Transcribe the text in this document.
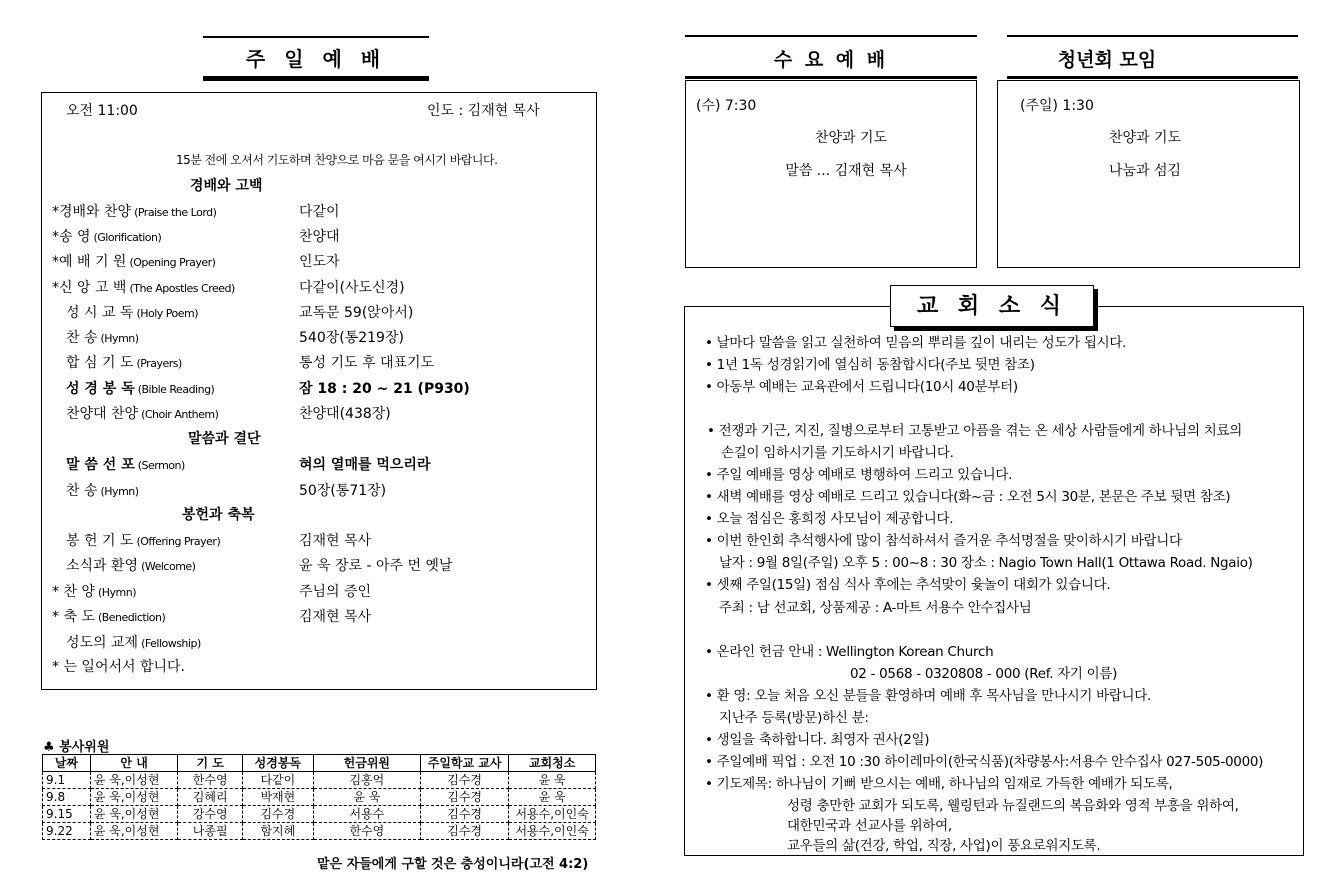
주 일 예 배
오전 11:00	인도 : 김재현 목사
15분 전에 오셔서 기도하며 찬양으로 마음 문을 여시기 바랍니다.
경배와 고백
*경배와 찬양 (Praise the Lord)	다같이
*송 영 (Glorification)	찬양대
*예 배 기 원 (Opening Prayer)	인도자
*신 앙 고 백 (The Apostles Creed)	다같이(사도신경)
성 시 교 독 (Holy Poem)	교독문 59(앉아서)
찬 송 (Hymn)	540장(통219장)
합 심 기 도 (Prayers)	통성 기도 후 대표기도
성 경 봉 독 (Bible Reading)	잠 18 : 20 ~ 21 (P930)
찬양대 찬양 (Choir Anthem)	찬양대(438장)
말 씀 선 포 (Sermon)	혀의 열매를 먹으리라
찬 송 (Hymn)	50장(통71장)
봉 헌 기 도 (Offering Prayer)	김재현 목사
소식과 환영 (Welcome)	윤 욱 장로 - 아주 먼 옛날
* 찬 양 (Hymn)	주님의 증인
* 축 도 (Benediction)	김재현 목사
성도의 교제 (Fellowship)
말씀과 결단
봉헌과 축복
* 는 일어서서 합니다.
♣ 봉사위원
날짜	안 내	기 도	성경봉독	헌금위원	주일학교 교사	교회청소
9.1	윤 욱,이성현	한수영	다같이	김홍억	김수경	윤 욱
9.8	윤 욱,이성현	김혜리	박재현	윤 욱	김수경	윤 욱
9.15	윤 욱,이성현	강수영	김수경	서용수	김수경	서용수,이인숙
9.22	윤 욱,이성현	나종필	함지혜	한수영	김수경	서용수,이인숙
맡은 자들에게 구할 것은 충성이니라(고전 4:2)
수 요 예 배
(수) 7:30
찬양과 기도
말씀 ... 김재현 목사
청년회 모임
(주일) 1:30
찬양과 기도
나눔과 섬김
교 회 소 식
• 날마다 말씀을 읽고 실천하여 믿음의 뿌리를 깊이 내리는 성도가 됩시다.
• 1년 1독 성경읽기에 열심히 동참합시다(주보 뒷면 참조)
• 아동부 예배는 교육관에서 드립니다(10시 40분부터)
• 전쟁과 기근, 지진, 질병으로부터 고통받고 아픔을 겪는 온 세상 사람들에게 하나님의 치료의
손길이 임하시기를 기도하시기 바랍니다.
• 주일 예배를 영상 예배로 병행하여 드리고 있습니다.
• 새벽 예배를 영상 예배로 드리고 있습니다(화~금 : 오전 5시 30분, 본문은 주보 뒷면 참조)
• 오늘 점심은 홍희정 사모님이 제공합니다.
• 이번 한인회 추석행사에 많이 참석하셔서 즐거운 추석명절을 맞이하시기 바랍니다
날자 : 9월 8일(주일) 오후 5 : 00~8 : 30 장소 : Nagio Town Hall(1 Ottawa Road. Ngaio)
• 셋째 주일(15일) 점심 식사 후에는 추석맞이 윷놀이 대회가 있습니다.
주최 : 남 선교회, 상품제공 : A-마트 서용수 안수집사님
• 온라인 헌금 안내 : Wellington Korean Church
02 - 0568 - 0320808 - 000 (Ref. 자기 이름)
• 환 영: 오늘 처음 오신 분들을 환영하며 예배 후 목사님을 만나시기 바랍니다.
지난주 등록(방문)하신 분:
• 생일을 축하합니다. 최영자 권사(2일)
• 주일예배 픽업 : 오전 10 :30 하이레마이(한국식품)(차량봉사:서용수 안수집사 027-505-0000)
• 기도제목: 하나님이 기뻐 받으시는 예배, 하나님의 임재로 가득한 예배가 되도록,
성령 충만한 교회가 되도록, 웰링턴과 뉴질랜드의 복음화와 영적 부흥을 위하여,
대한민국과 선교사를 위하여,
교우들의 삶(건강, 학업, 직장, 사업)이 풍요로워지도록.
